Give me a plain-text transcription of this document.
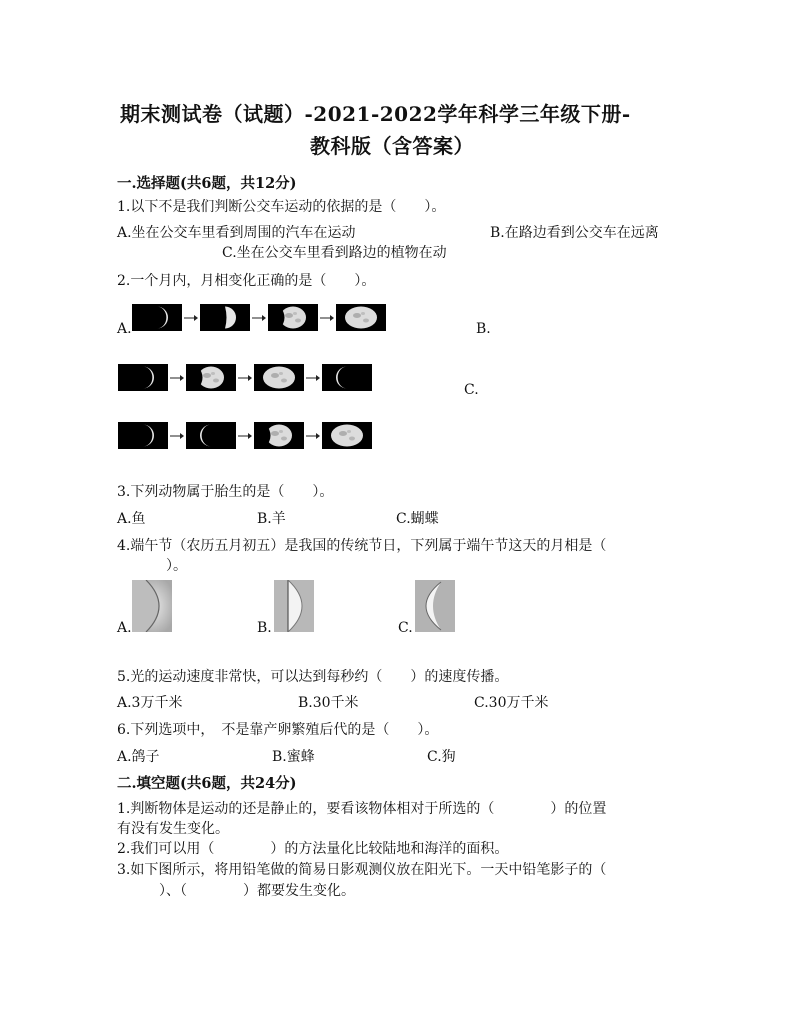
期末测试卷（试题）-2021-2022学年科学三年级下册-
教科版（含答案）
一.选择题(共6题，共12分)
1.以下不是我们判断公交车运动的依据的是（　　）。
A.坐在公交车里看到周围的汽车在运动	B.在路边看到公交车在远离
C.坐在公交车里看到路边的植物在动
2.一个月内，月相变化正确的是（　　）。
A.	B.
C.
3.下列动物属于胎生的是（　　）。
A.鱼	B.羊	C.蝴蝶
4.端午节（农历五月初五）是我国的传统节日，下列属于端午节这天的月相是（
）。
A.	B.	C.
5.光的运动速度非常快，可以达到每秒约（　　）的速度传播。
A.3万千米	B.30千米	C.30万千米
6.下列选项中，　不是靠产卵繁殖后代的是（　　）。
A.鸽子	B.蜜蜂	C.狗
二.填空题(共6题，共24分)
1.判断物体是运动的还是静止的，要看该物体相对于所选的（　　　　）的位置
有没有发生变化。
2.我们可以用（　　　　）的方法量化比较陆地和海洋的面积。
3.如下图所示，将用铅笔做的简易日影观测仪放在阳光下。一天中铅笔影子的（
　　　）、（　　　　）都要发生变化。
